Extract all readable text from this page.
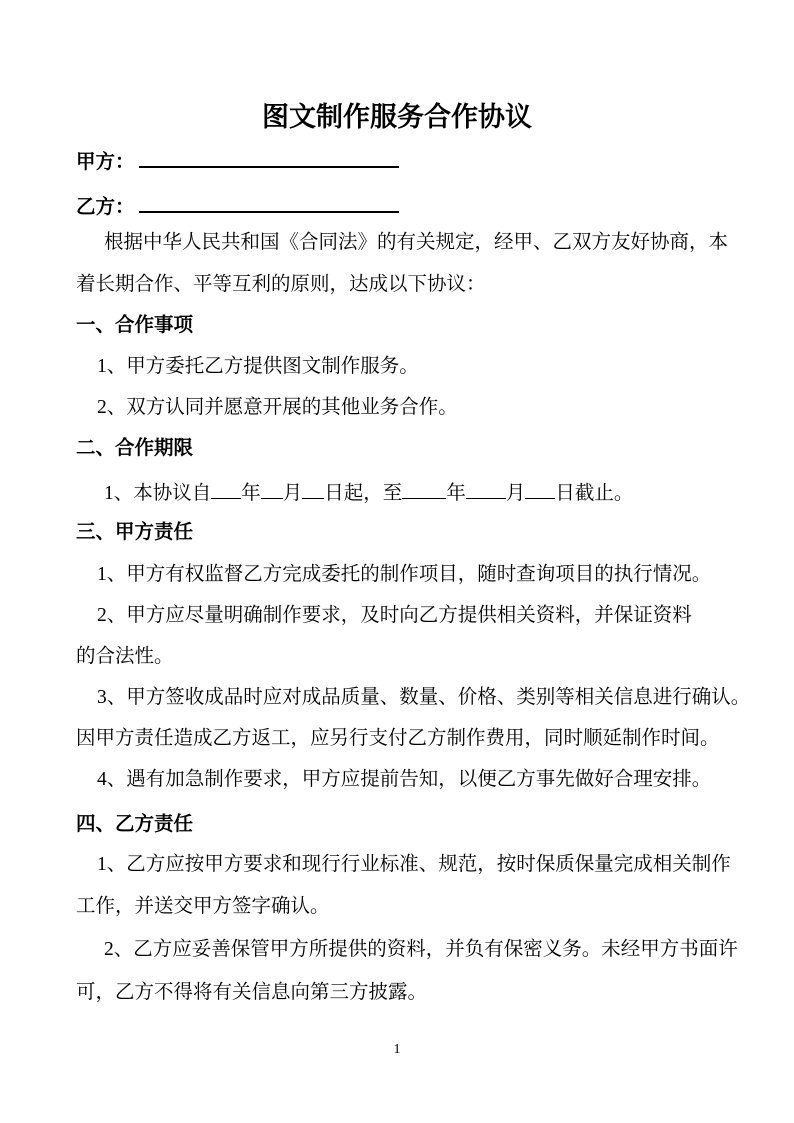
图文制作服务合作协议
甲方：
乙方：
根据中华人民共和国《合同法》的有关规定，经甲、乙双方友好协商，本
着长期合作、平等互利的原则，达成以下协议：
一、合作事项
1、甲方委托乙方提供图文制作服务。
2、双方认同并愿意开展的其他业务合作。
二、合作期限
1、本协议自 年 月 日起，至 年 月 日截止。
三、甲方责任
1、甲方有权监督乙方完成委托的制作项目，随时查询项目的执行情况。
2、甲方应尽量明确制作要求，及时向乙方提供相关资料，并保证资料
的合法性。
3、甲方签收成品时应对成品质量、数量、价格、类别等相关信息进行确认。
因甲方责任造成乙方返工，应另行支付乙方制作费用，同时顺延制作时间。
4、遇有加急制作要求，甲方应提前告知，以便乙方事先做好合理安排。
四、乙方责任
1、乙方应按甲方要求和现行行业标准、规范，按时保质保量完成相关制作
工作，并送交甲方签字确认。
2、乙方应妥善保管甲方所提供的资料，并负有保密义务。未经甲方书面许
可，乙方不得将有关信息向第三方披露。
1
